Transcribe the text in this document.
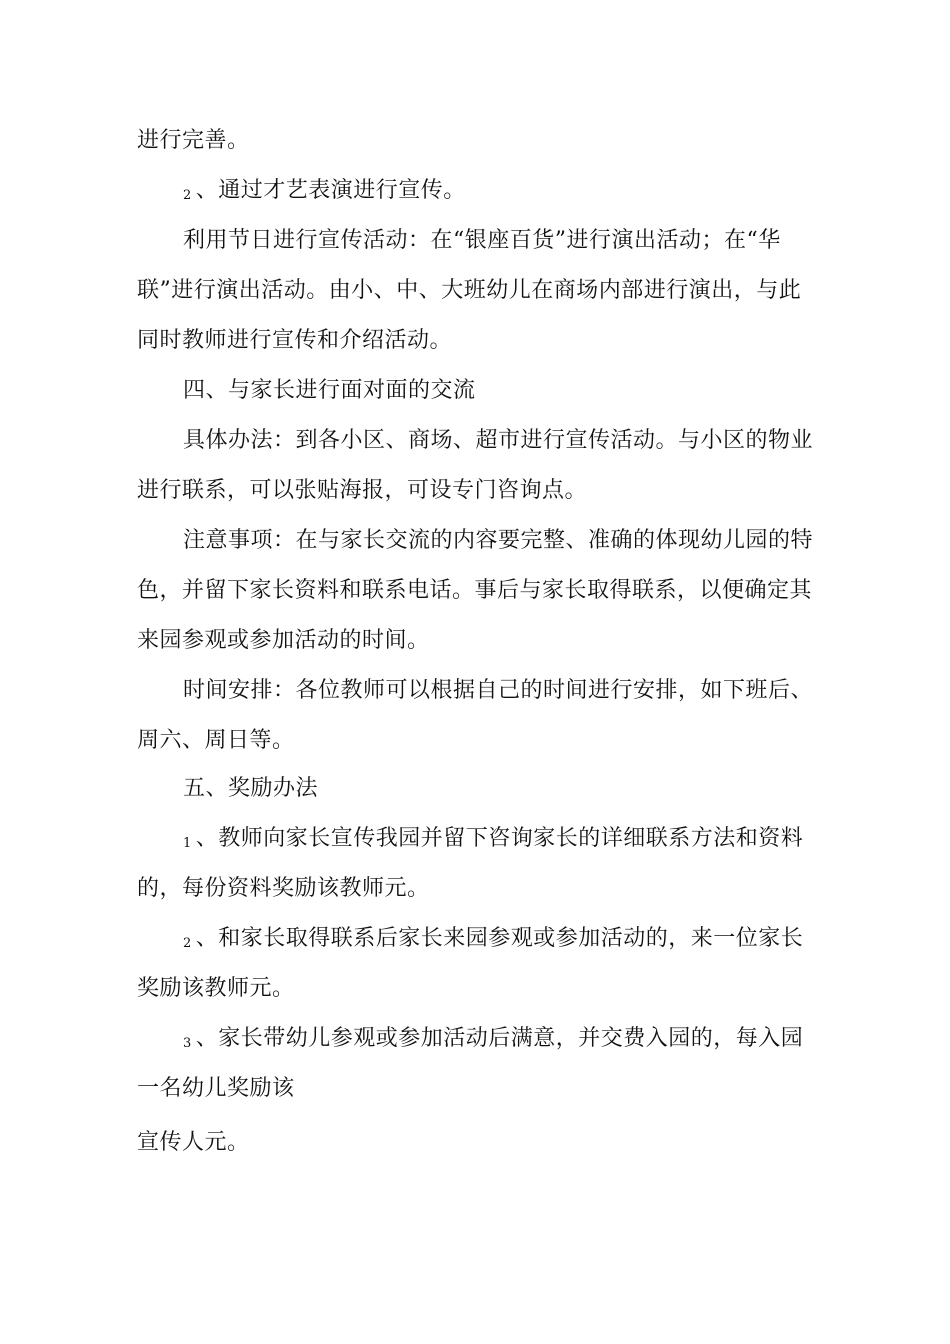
进行完善。
2 、通过才艺表演进行宣传。
利用节日进行宣传活动：在“银座百货”进行演出活动；在“华
联”进行演出活动。由小、中、大班幼儿在商场内部进行演出，与此
同时教师进行宣传和介绍活动。
四、与家长进行面对面的交流
具体办法：到各小区、商场、超市进行宣传活动。与小区的物业
进行联系，可以张贴海报，可设专门咨询点。
注意事项：在与家长交流的内容要完整、准确的体现幼儿园的特
色，并留下家长资料和联系电话。事后与家长取得联系，以便确定其
来园参观或参加活动的时间。
时间安排：各位教师可以根据自己的时间进行安排，如下班后、
周六、周日等。
五、奖励办法
1 、教师向家长宣传我园并留下咨询家长的详细联系方法和资料
的，每份资料奖励该教师元。
2 、和家长取得联系后家长来园参观或参加活动的，来一位家长
奖励该教师元。
3 、家长带幼儿参观或参加活动后满意，并交费入园的，每入园
一名幼儿奖励该
宣传人元。
